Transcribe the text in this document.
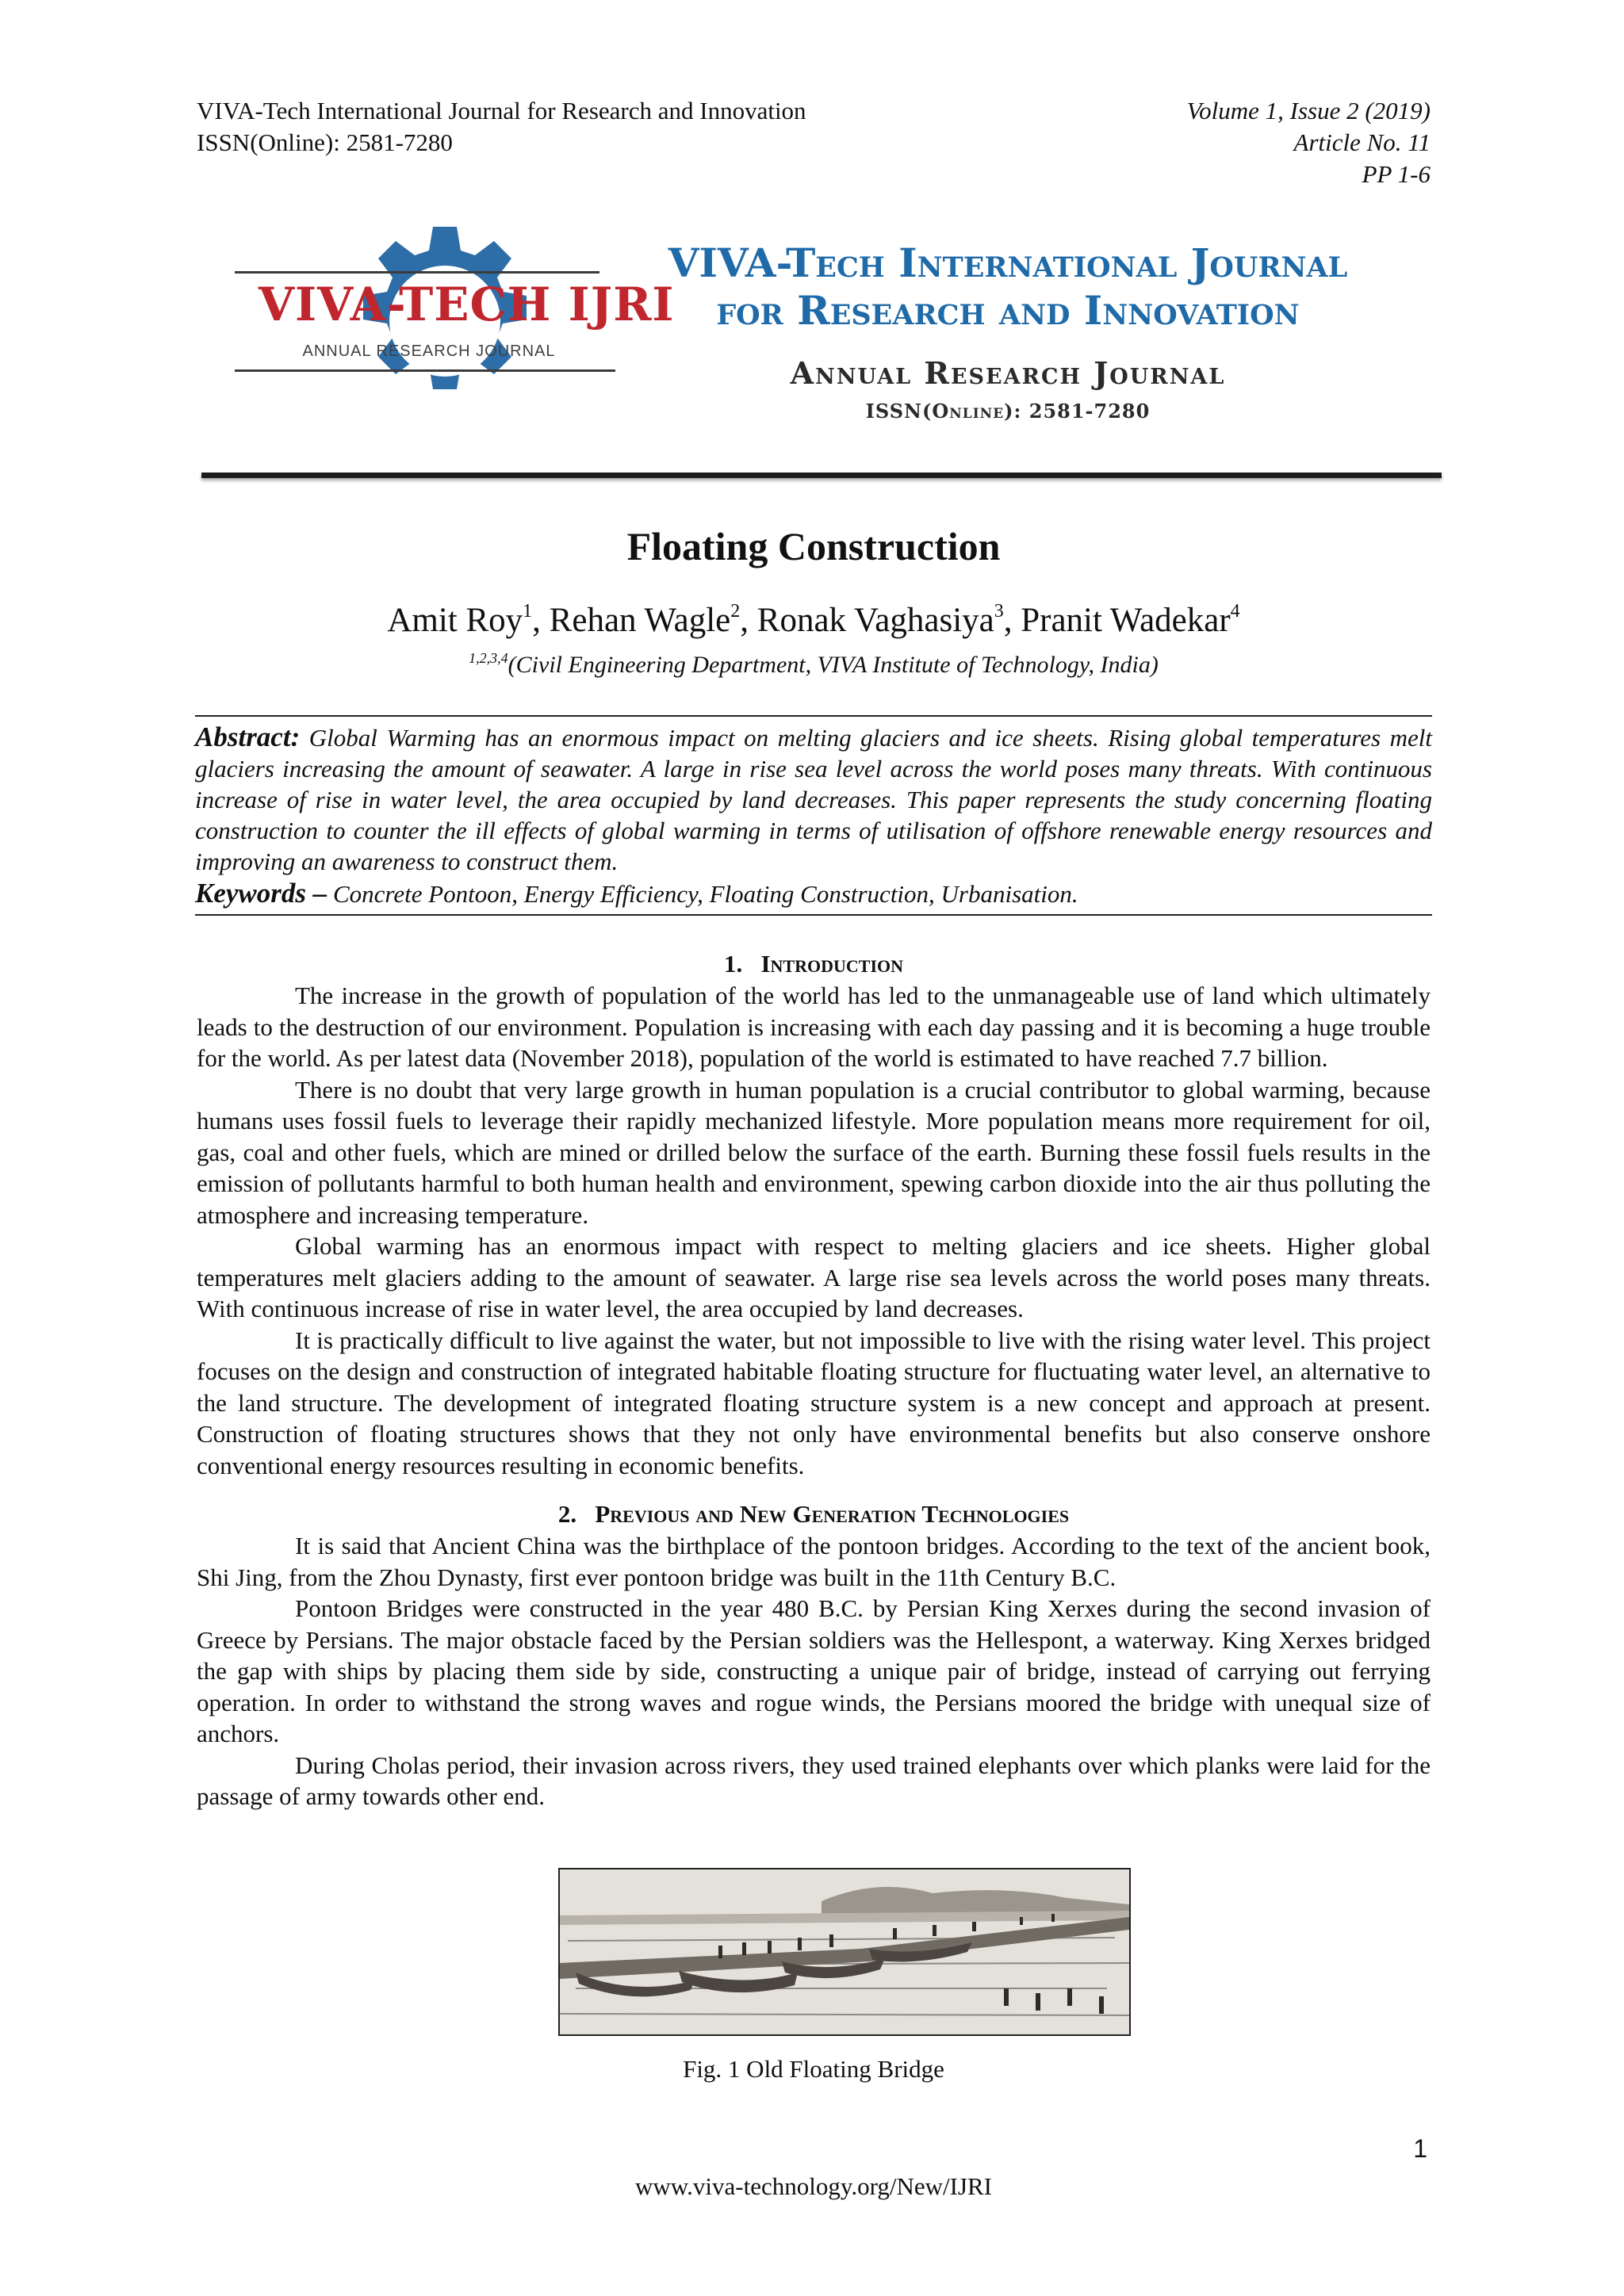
VIVA-Tech International Journal for Research and Innovation
ISSN(Online): 2581-7280
Volume 1, Issue 2 (2019)
Article No. 11
PP 1-6
VIVA-TECH IJRI
ANNUAL RESEARCH JOURNAL
VIVA-Tech International Journal
for Research and Innovation
Annual Research Journal
ISSN(Online): 2581-7280
Floating Construction
Amit Roy$^1$, Rehan Wagle$^2$, Ronak Vaghasiya$^3$, Pranit Wadekar$^4$
$^{1,2,3,4}$(Civil Engineering Department, VIVA Institute of Technology, India)
Abstract: Global Warming has an enormous impact on melting glaciers and ice sheets. Rising global temperatures melt glaciers increasing the amount of seawater. A large in rise sea level across the world poses many threats. With continuous increase of rise in water level, the area occupied by land decreases. This paper represents the study concerning floating construction to counter the ill effects of global warming in terms of utilisation of offshore renewable energy resources and improving an awareness to construct them.
Keywords – Concrete Pontoon, Energy Efficiency, Floating Construction, Urbanisation.
1. Introduction

The increase in the growth of population of the world has led to the unmanageable use of land which ultimately leads to the destruction of our environment. Population is increasing with each day passing and it is becoming a huge trouble for the world. As per latest data (November 2018), population of the world is estimated to have reached 7.7 billion.

There is no doubt that very large growth in human population is a crucial contributor to global warming, because humans uses fossil fuels to leverage their rapidly mechanized lifestyle. More population means more requirement for oil, gas, coal and other fuels, which are mined or drilled below the surface of the earth. Burning these fossil fuels results in the emission of pollutants harmful to both human health and environment, spewing carbon dioxide into the air thus polluting the atmosphere and increasing temperature.

Global warming has an enormous impact with respect to melting glaciers and ice sheets. Higher global temperatures melt glaciers adding to the amount of seawater. A large rise sea levels across the world poses many threats. With continuous increase of rise in water level, the area occupied by land decreases.

It is practically difficult to live against the water, but not impossible to live with the rising water level. This project focuses on the design and construction of integrated habitable floating structure for fluctuating water level, an alternative to the land structure. The development of integrated floating structure system is a new concept and approach at present. Construction of floating structures shows that they not only have environmental benefits but also conserve onshore conventional energy resources resulting in economic benefits.

2. Previous and New Generation Technologies

It is said that Ancient China was the birthplace of the pontoon bridges. According to the text of the ancient book, Shi Jing, from the Zhou Dynasty, first ever pontoon bridge was built in the 11th Century B.C.

Pontoon Bridges were constructed in the year 480 B.C. by Persian King Xerxes during the second invasion of Greece by Persians. The major obstacle faced by the Persian soldiers was the Hellespont, a waterway. King Xerxes bridged the gap with ships by placing them side by side, constructing a unique pair of bridge, instead of carrying out ferrying operation. In order to withstand the strong waves and rogue winds, the Persians moored the bridge with unequal size of anchors.

During Cholas period, their invasion across rivers, they used trained elephants over which planks were laid for the passage of army towards other end.

Fig. 1 Old Floating Bridge
1
www.viva-technology.org/New/IJRI
